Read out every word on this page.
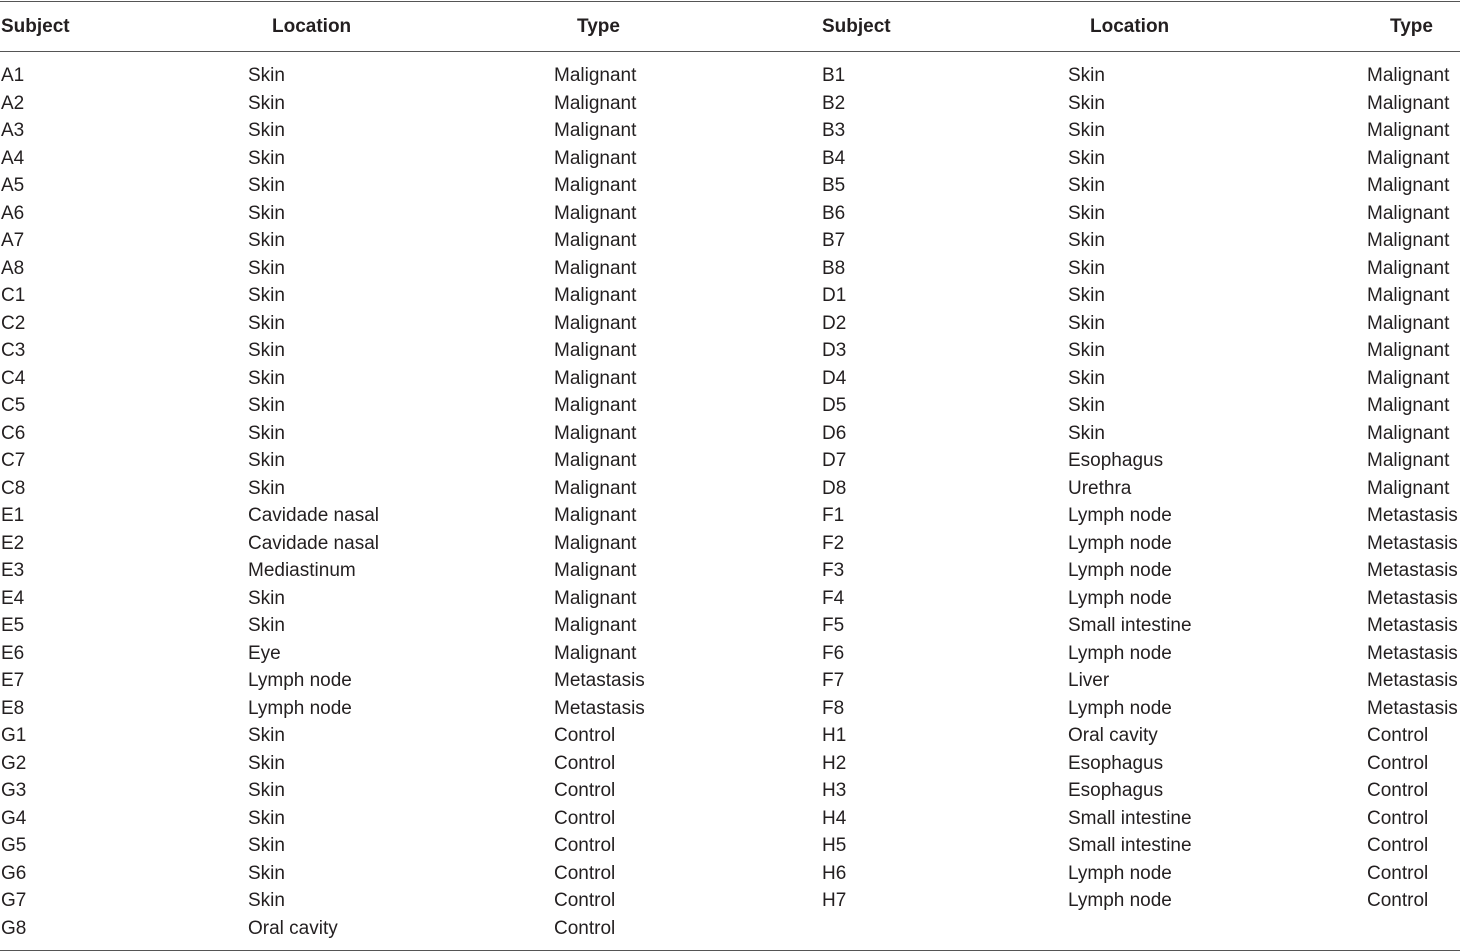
Subject	Location	Type	Subject	Location	Type
A1	Skin	Malignant	B1	Skin	Malignant
A2	Skin	Malignant	B2	Skin	Malignant
A3	Skin	Malignant	B3	Skin	Malignant
A4	Skin	Malignant	B4	Skin	Malignant
A5	Skin	Malignant	B5	Skin	Malignant
A6	Skin	Malignant	B6	Skin	Malignant
A7	Skin	Malignant	B7	Skin	Malignant
A8	Skin	Malignant	B8	Skin	Malignant
C1	Skin	Malignant	D1	Skin	Malignant
C2	Skin	Malignant	D2	Skin	Malignant
C3	Skin	Malignant	D3	Skin	Malignant
C4	Skin	Malignant	D4	Skin	Malignant
C5	Skin	Malignant	D5	Skin	Malignant
C6	Skin	Malignant	D6	Skin	Malignant
C7	Skin	Malignant	D7	Esophagus	Malignant
C8	Skin	Malignant	D8	Urethra	Malignant
E1	Cavidade nasal	Malignant	F1	Lymph node	Metastasis
E2	Cavidade nasal	Malignant	F2	Lymph node	Metastasis
E3	Mediastinum	Malignant	F3	Lymph node	Metastasis
E4	Skin	Malignant	F4	Lymph node	Metastasis
E5	Skin	Malignant	F5	Small intestine	Metastasis
E6	Eye	Malignant	F6	Lymph node	Metastasis
E7	Lymph node	Metastasis	F7	Liver	Metastasis
E8	Lymph node	Metastasis	F8	Lymph node	Metastasis
G1	Skin	Control	H1	Oral cavity	Control
G2	Skin	Control	H2	Esophagus	Control
G3	Skin	Control	H3	Esophagus	Control
G4	Skin	Control	H4	Small intestine	Control
G5	Skin	Control	H5	Small intestine	Control
G6	Skin	Control	H6	Lymph node	Control
G7	Skin	Control	H7	Lymph node	Control
G8	Oral cavity	Control
